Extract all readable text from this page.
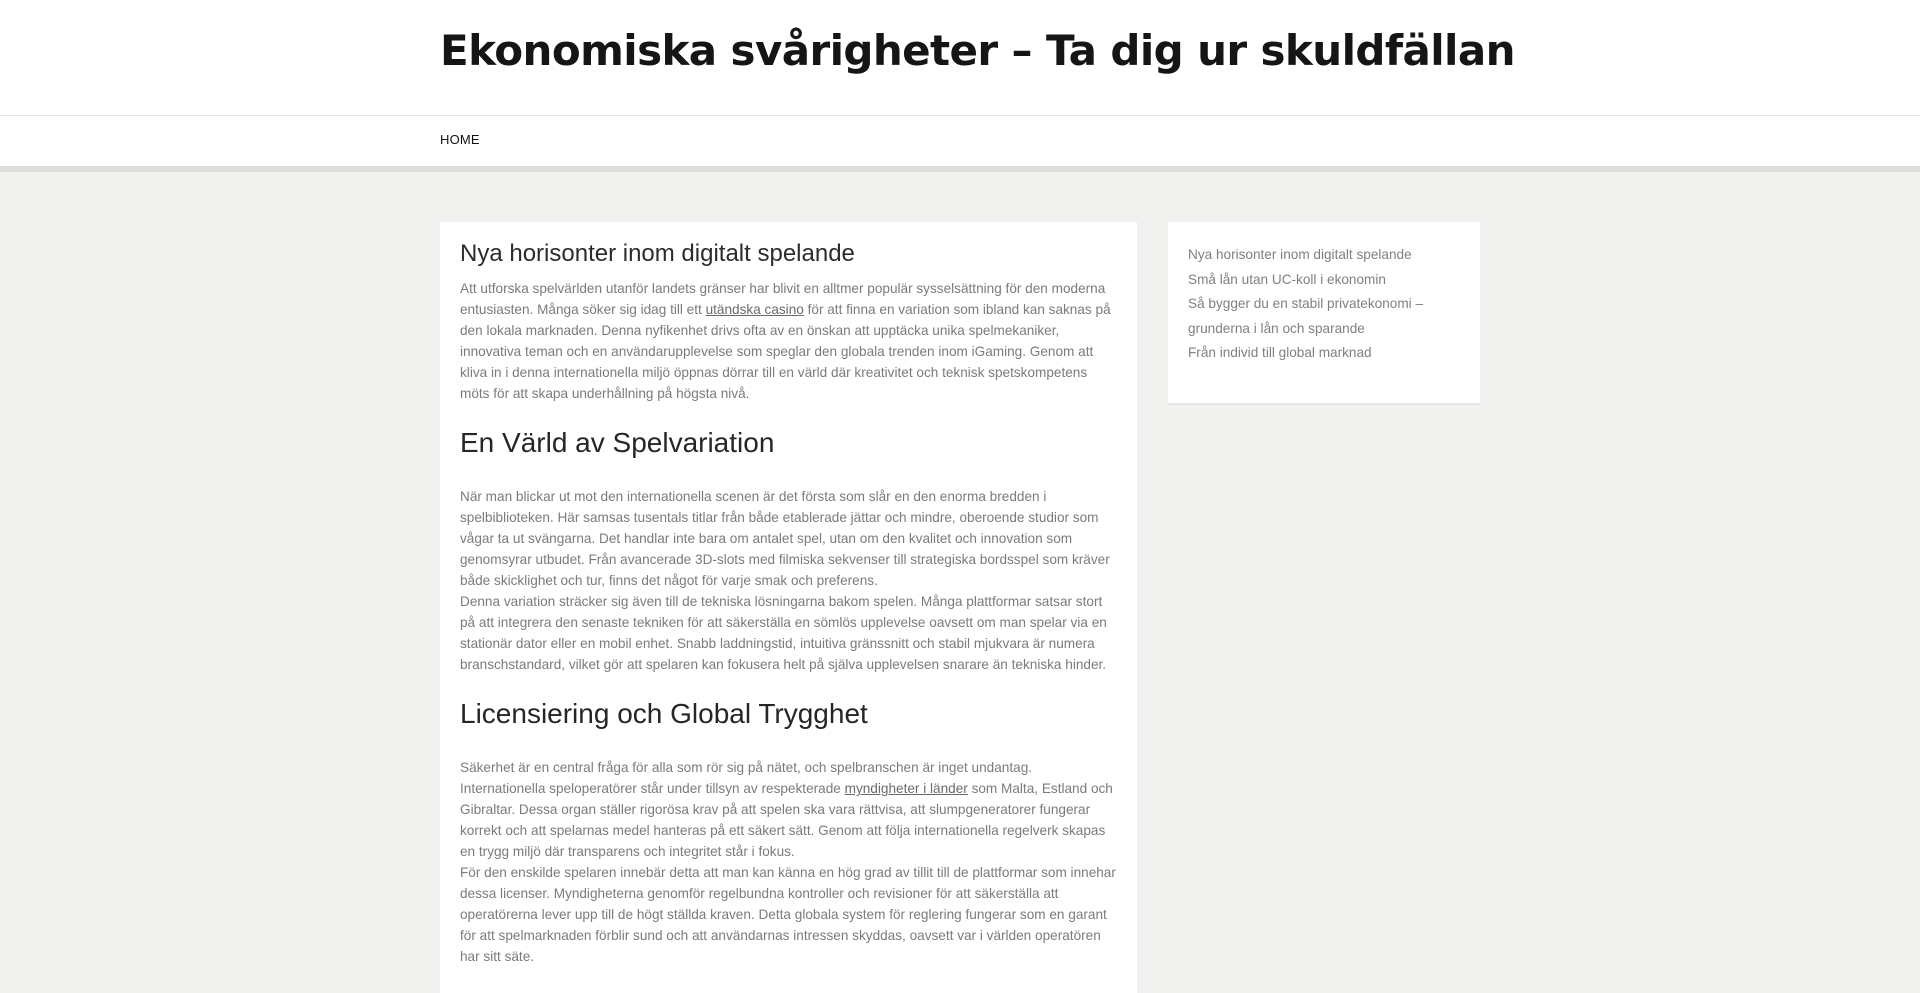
Ekonomiska svårigheter – Ta dig ur skuldfällan
HOME
Nya horisonter inom digitalt spelande

Att utforska spelvärlden utanför landets gränser har blivit en alltmer populär sysselsättning för den moderna entusiasten. Många söker sig idag till ett utändska casino för att finna en variation som ibland kan saknas på den lokala marknaden. Denna nyfikenhet drivs ofta av en önskan att upptäcka unika spelmekaniker, innovativa teman och en användarupplevelse som speglar den globala trenden inom iGaming. Genom att kliva in i denna internationella miljö öppnas dörrar till en värld där kreativitet och teknisk spetskompetens möts för att skapa underhållning på högsta nivå.

En Värld av Spelvariation

När man blickar ut mot den internationella scenen är det första som slår en den enorma bredden i spelbiblioteken. Här samsas tusentals titlar från både etablerade jättar och mindre, oberoende studior som vågar ta ut svängarna. Det handlar inte bara om antalet spel, utan om den kvalitet och innovation som genomsyrar utbudet. Från avancerade 3D-slots med filmiska sekvenser till strategiska bordsspel som kräver både skicklighet och tur, finns det något för varje smak och preferens.

Denna variation sträcker sig även till de tekniska lösningarna bakom spelen. Många plattformar satsar stort på att integrera den senaste tekniken för att säkerställa en sömlös upplevelse oavsett om man spelar via en stationär dator eller en mobil enhet. Snabb laddningstid, intuitiva gränssnitt och stabil mjukvara är numera branschstandard, vilket gör att spelaren kan fokusera helt på själva upplevelsen snarare än tekniska hinder.

Licensiering och Global Trygghet

Säkerhet är en central fråga för alla som rör sig på nätet, och spelbranschen är inget undantag. Internationella speloperatörer står under tillsyn av respekterade myndigheter i länder som Malta, Estland och Gibraltar. Dessa organ ställer rigorösa krav på att spelen ska vara rättvisa, att slumpgeneratorer fungerar korrekt och att spelarnas medel hanteras på ett säkert sätt. Genom att följa internationella regelverk skapas en trygg miljö där transparens och integritet står i fokus.

För den enskilde spelaren innebär detta att man kan känna en hög grad av tillit till de plattformar som innehar dessa licenser. Myndigheterna genomför regelbundna kontroller och revisioner för att säkerställa att operatörerna lever upp till de högt ställda kraven. Detta globala system för reglering fungerar som en garant för att spelmarknaden förblir sund och att användarnas intressen skyddas, oavsett var i världen operatören har sitt säte.

Nya horisonter inom digitalt spelande
Små lån utan UC-koll i ekonomin
Så bygger du en stabil privatekonomi – grunderna i lån och sparande
Från individ till global marknad
